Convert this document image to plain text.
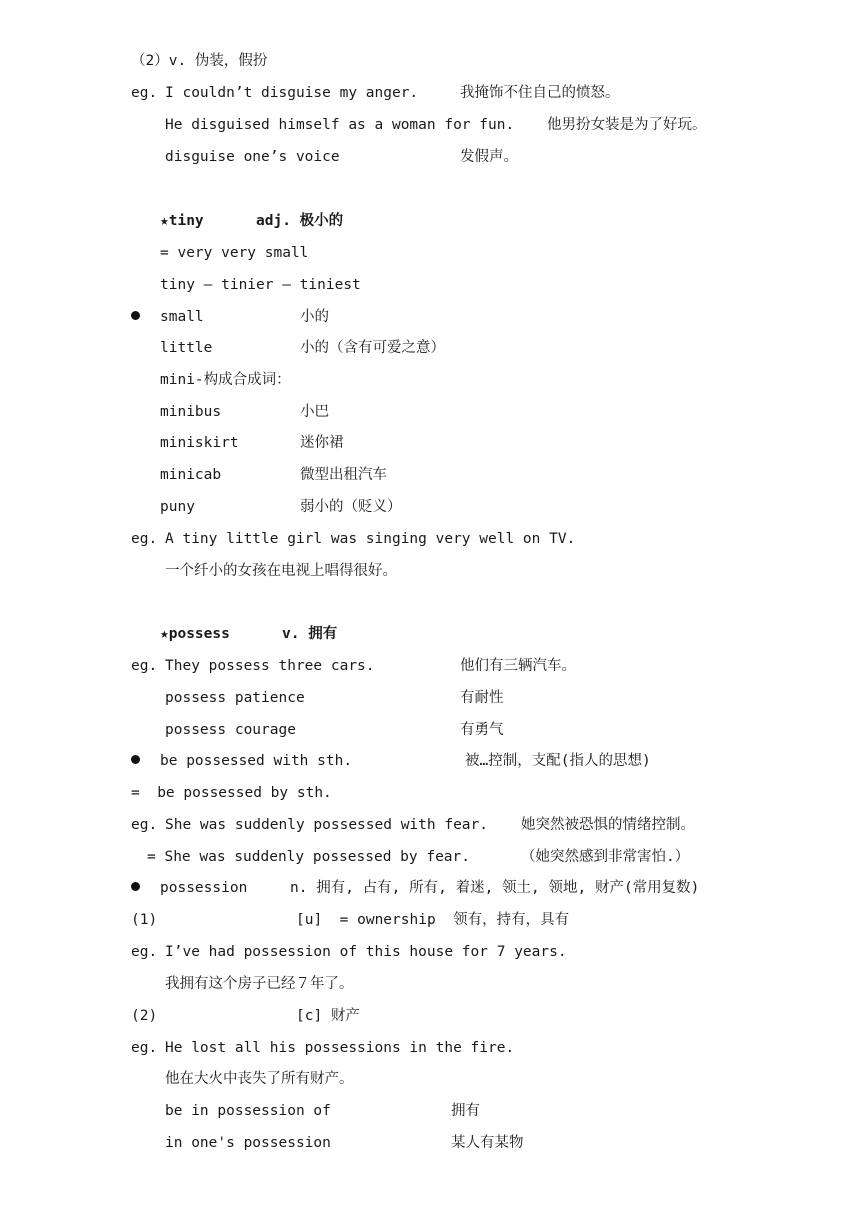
（2）v. 伪装，假扮
eg. I couldn’t disguise my anger.	我掩饰不住自己的愤怒。
He disguised himself as a woman for fun. 他男扮女装是为了好玩。
disguise one’s voice	发假声。
★tiny	adj. 极小的
= very very small
tiny – tinier – tiniest
small	小的
little	小的（含有可爱之意）
mini-构成合成词：
minibus	小巴
miniskirt	迷你裙
minicab	微型出租汽车
puny	弱小的（贬义）
eg. A tiny little girl was singing very well on TV.
一个纤小的女孩在电视上唱得很好。
★possess	v. 拥有
eg. They possess three cars.	他们有三辆汽车。
possess patience	有耐性
possess courage	有勇气
be possessed with sth.	被…控制，支配(指人的思想)
=  be possessed by sth.
eg. She was suddenly possessed with fear. 她突然被恐惧的情绪控制。
= She was suddenly possessed by fear.	（她突然感到非常害怕.）
possession	n. 拥有, 占有, 所有, 着迷, 领土, 领地, 财产(常用复数)
(1)	[u]  = ownership  领有，持有，具有
eg. I’ve had possession of this house for 7 years.
我拥有这个房子已经７年了。
(2)	[c] 财产
eg. He lost all his possessions in the fire.
他在大火中丧失了所有财产。
be in possession of	拥有
in one's possession	某人有某物
